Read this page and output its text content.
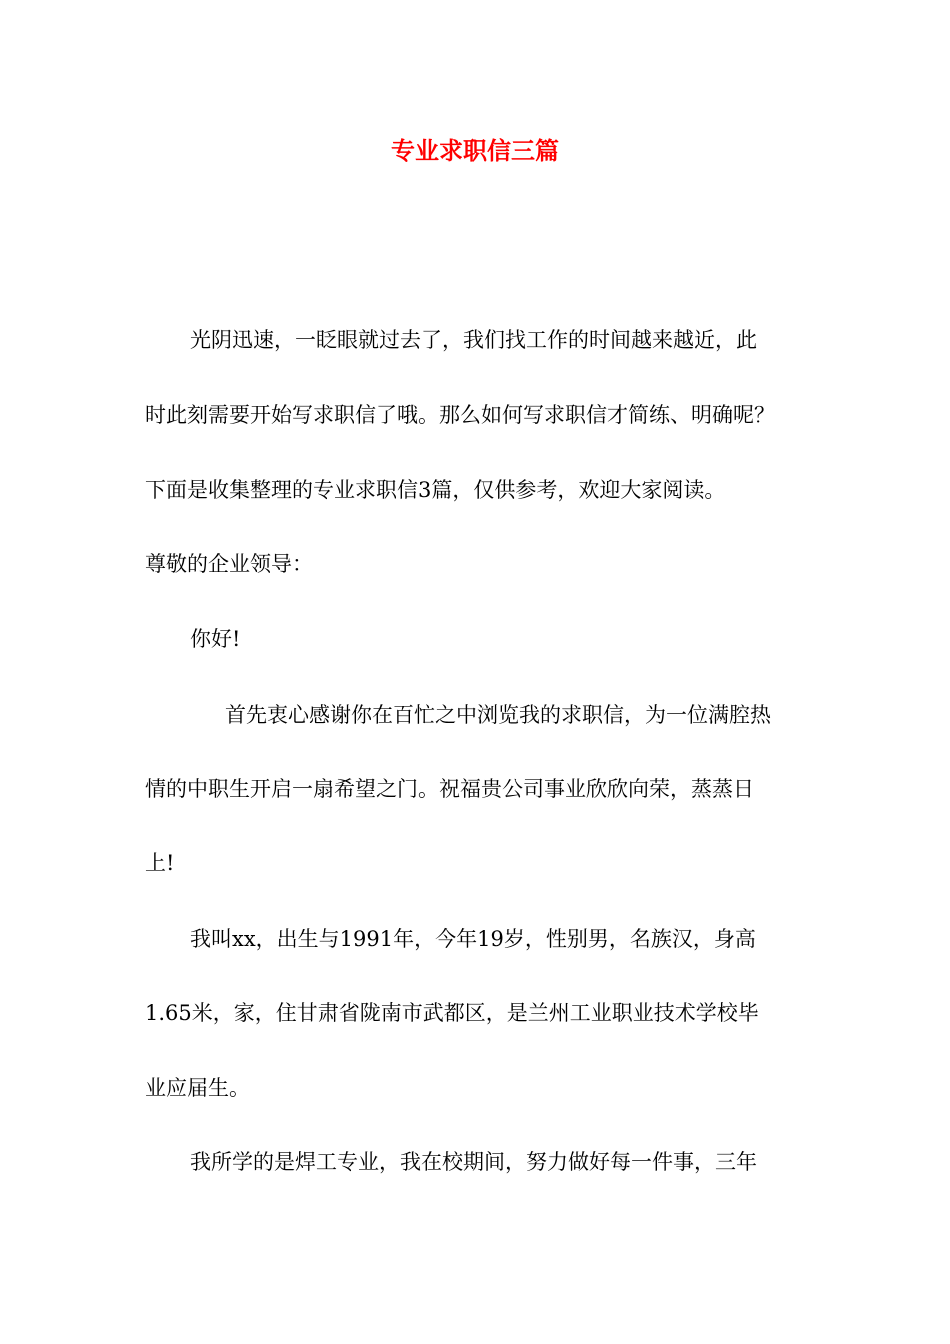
专业求职信三篇
光阴迅速，一眨眼就过去了，我们找工作的时间越来越近，此
时此刻需要开始写求职信了哦。那么如何写求职信才简练、明确呢？
下面是收集整理的专业求职信3篇，仅供参考，欢迎大家阅读。
尊敬的企业领导：
你好!
首先衷心感谢你在百忙之中浏览我的求职信，为一位满腔热
情的中职生开启一扇希望之门。祝福贵公司事业欣欣向荣，蒸蒸日
上!
我叫xx，出生与1991年，今年19岁，性别男，名族汉，身高
1.65米，家，住甘肃省陇南市武都区，是兰州工业职业技术学校毕
业应届生。
我所学的是焊工专业，我在校期间，努力做好每一件事，三年
